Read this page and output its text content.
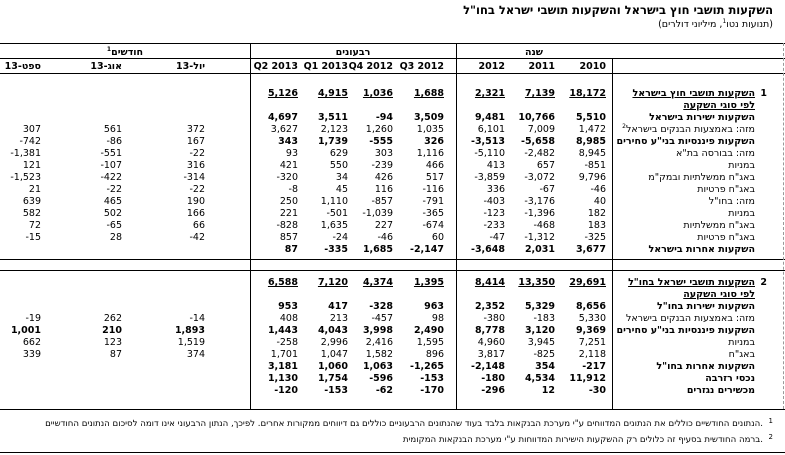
השקעות תושבי חוץ בישראל והשקעות תושבי ישראל בחו"ל
(תנועות נטו$^1$, מיליוני דולרים)
שנה
רבעונים
חודשים$^1$
2010
2011
2012
Q3 2012
Q4 2012
Q1 2013
Q2 2013
יול-13
אוג-13
ספט-13
1
השקעות תושבי חוץ בישראל
לפי סוגי השקעה
2
השקעות תושבי ישראל בחו"ל
לפי סוגי השקעה
18,172
7,139
2,321
1,688
1,036
4,915
5,126
השקעות ישירות בישראל
5,510
10,766
9,481
3,509
-94
3,511
4,697
מזה: באמצעות הבנקים בישראל$^2$
1,472
7,009
6,101
1,035
1,260
2,123
3,627
372
561
307
השקעות פיננסיות בני"ע סחירים
8,985
-5,658
-3,513
326
-555
1,739
343
167
-86
-742
מזה: בבורסה בת"א
8,945
-2,482
-5,110
1,116
303
629
93
-22
-551
-1,381
במניות
-851
657
413
466
-239
550
421
316
-107
121
באג"ח ממשלתיות ובמק"מ
9,796
-3,072
-3,859
517
426
34
-320
-314
-422
-1,523
באג"ח פרטיות
-46
-67
336
-116
116
45
-8
-22
-22
21
מזה: בחו"ל
40
-3,176
-403
-791
-857
1,110
250
190
465
639
במניות
182
-1,396
-123
-365
-1,039
-501
221
166
502
582
באג"ח ממשלתיות
183
-468
-233
-674
227
1,635
-828
66
-65
72
באג"ח פרטיות
-325
-1,312
-47
60
-46
-24
857
-42
28
-15
השקעות אחרות בישראל
3,677
2,031
-3,648
-2,147
1,685
-335
87
29,691
13,350
8,414
1,395
4,374
7,120
6,588
השקעות ישירות בחו"ל
8,656
5,329
2,352
963
-328
417
953
מזה: באמצעות הבנקים בישראל
5,330
-183
-380
98
-457
213
408
-14
262
-19
השקעות פיננסיות בני"ע סחירים
9,369
3,120
8,778
2,490
3,998
4,043
1,443
1,893
210
1,001
במניות
7,251
3,945
4,960
1,595
2,416
2,996
-258
1,519
123
662
באג"ח
2,118
-825
3,817
896
1,582
1,047
1,701
374
87
339
השקעות אחרות בחו"ל
-217
354
-2,148
-1,265
1,063
1,060
3,181
נכסי רזרבה
11,912
4,534
-180
-153
-596
1,754
1,130
מכשירים נגזרים
-30
12
-296
-170
-62
-153
-120
1
הנתונים החודשיים כוללים את הנתונים המדווחים ע"י מערכת הבנקאות בלבד בעוד שהנתונים הרבעוניים כוללים גם דיווחים ממקורות אחרים. לפיכך, הנתון הרבעוני אינו דומה לסיכום הנתונים החודשיים.
2
ברמה החודשית בסעיף זה כלולים רק ההשקעות הישירות המדווחות ע"י מערכת הבנקאות המקומית.
